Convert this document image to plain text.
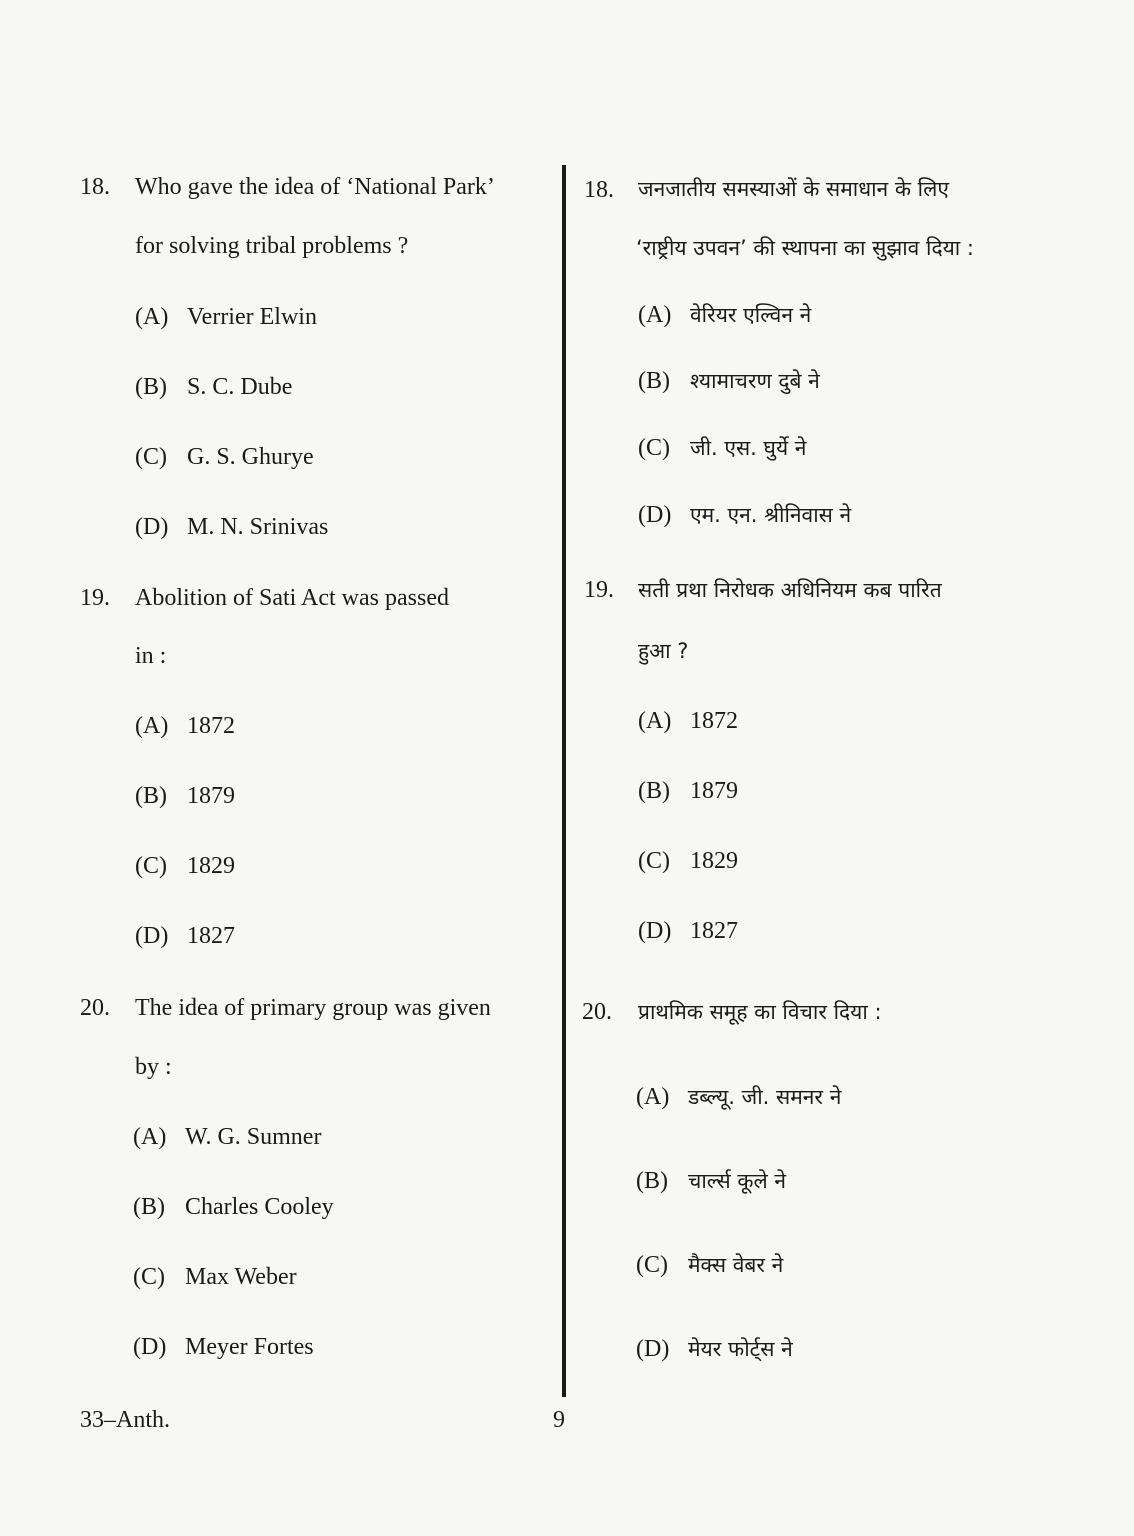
18. Who gave the idea of ‘National Park’
for solving tribal problems ?
(A) Verrier Elwin
(B) S. C. Dube
(C) G. S. Ghurye
(D) M. N. Srinivas
19. Abolition of Sati Act was passed
in :
(A) 1872
(B) 1879
(C) 1829
(D) 1827
20. The idea of primary group was given
by :
(A) W. G. Sumner
(B) Charles Cooley
(C) Max Weber
(D) Meyer Fortes
18. जनजातीय समस्याओं के समाधान के लिए
‘राष्ट्रीय उपवन’ की स्थापना का सुझाव दिया :
(A) वेरियर एल्विन ने
(B) श्यामाचरण दुबे ने
(C) जी. एस. घुर्ये ने
(D) एम. एन. श्रीनिवास ने
19. सती प्रथा निरोधक अधिनियम कब पारित
हुआ ?
(A) 1872
(B) 1879
(C) 1829
(D) 1827
20. प्राथमिक समूह का विचार दिया :
(A) डब्ल्यू. जी. समनर ने
(B) चार्ल्स कूले ने
(C) मैक्स वेबर ने
(D) मेयर फोर्ट्स ने
33–Anth.	9
